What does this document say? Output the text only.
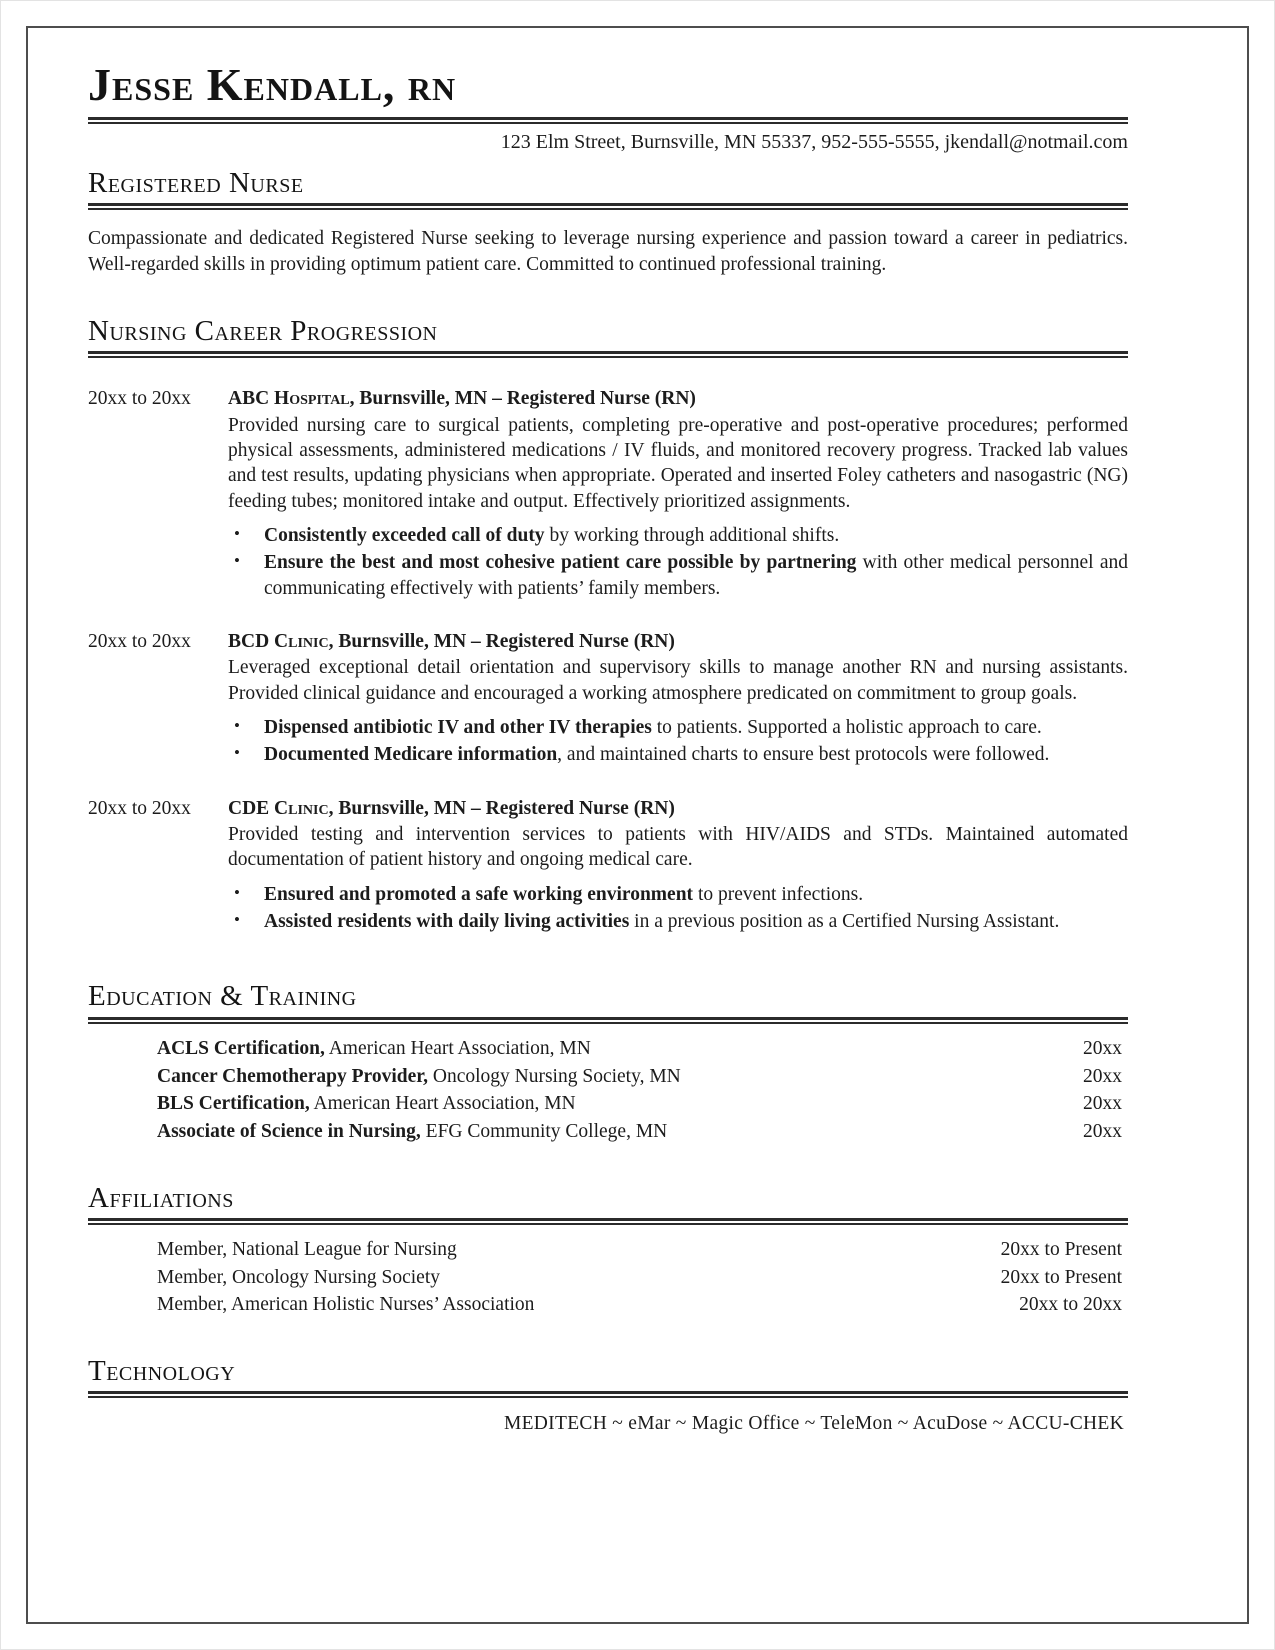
Jesse Kendall, rn
123 Elm Street, Burnsville, MN 55337, 952-555-5555, jkendall@notmail.com
Registered Nurse

Compassionate and dedicated Registered Nurse seeking to leverage nursing experience and passion toward a career in pediatrics. Well-regarded skills in providing optimum patient care. Committed to continued professional training.

Nursing Career Progression
20xx to 20xx	ABC Hospital, Burnsville, MN – Registered Nurse (RN)

Provided nursing care to surgical patients, completing pre-operative and post-operative procedures; performed physical assessments, administered medications / IV fluids, and monitored recovery progress. Tracked lab values and test results, updating physicians when appropriate. Operated and inserted Foley catheters and nasogastric (NG) feeding tubes; monitored intake and output. Effectively prioritized assignments.

•	Consistently exceeded call of duty by working through additional shifts.
•	Ensure the best and most cohesive patient care possible by partnering with other medical personnel and communicating effectively with patients’ family members.
20xx to 20xx	BCD Clinic, Burnsville, MN – Registered Nurse (RN)

Leveraged exceptional detail orientation and supervisory skills to manage another RN and nursing assistants. Provided clinical guidance and encouraged a working atmosphere predicated on commitment to group goals.

•	Dispensed antibiotic IV and other IV therapies to patients. Supported a holistic approach to care.
•	Documented Medicare information, and maintained charts to ensure best protocols were followed.
20xx to 20xx	CDE Clinic, Burnsville, MN – Registered Nurse (RN)

Provided testing and intervention services to patients with HIV/AIDS and STDs. Maintained automated documentation of patient history and ongoing medical care.

•	Ensured and promoted a safe working environment to prevent infections.
•	Assisted residents with daily living activities in a previous position as a Certified Nursing Assistant.
Education & Training
ACLS Certification, American Heart Association, MN	20xx
Cancer Chemotherapy Provider, Oncology Nursing Society, MN	20xx
BLS Certification, American Heart Association, MN	20xx
Associate of Science in Nursing, EFG Community College, MN	20xx
Affiliations
Member, National League for Nursing	20xx to Present
Member, Oncology Nursing Society	20xx to Present
Member, American Holistic Nurses’ Association	20xx to 20xx
Technology
MEDITECH ~ eMar ~ Magic Office ~ TeleMon ~ AcuDose ~ ACCU-CHEK
